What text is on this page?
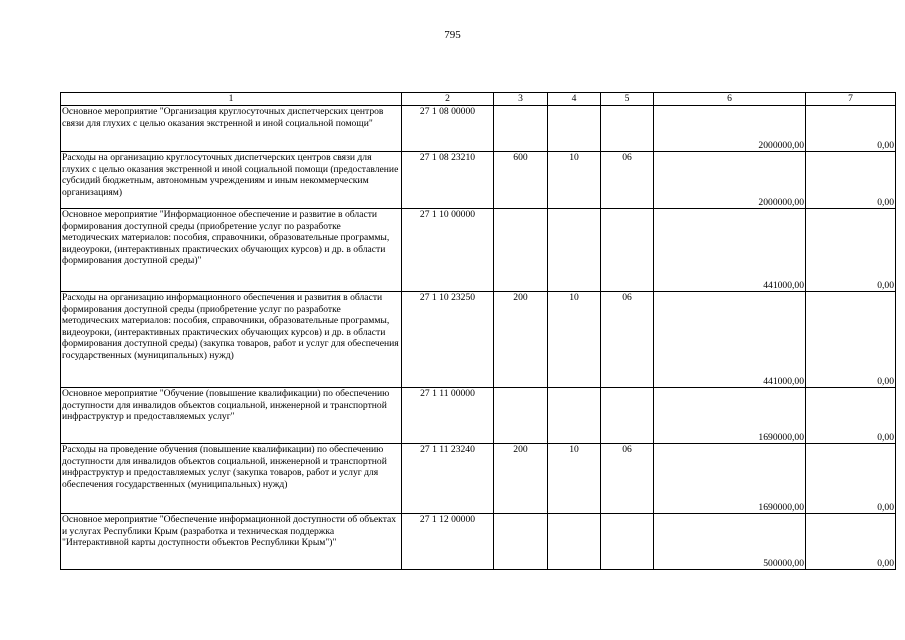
795
1	2	3	4	5	6	7
Основное мероприятие "Организация круглосуточных диспетчерских центров связи для глухих с целью оказания экстренной и иной социальной помощи"	27 1 08 00000				2000000,00	0,00
Расходы на организацию круглосуточных диспетчерских центров связи для глухих с целью оказания экстренной и иной социальной помощи (предоставление субсидий бюджетным, автономным учреждениям и иным некоммерческим организациям)	27 1 08 23210	600	10	06	2000000,00	0,00
Основное мероприятие "Информационное обеспечение и развитие в области формирования доступной среды (приобретение услуг по разработке методических материалов: пособия, справочники, образовательные программы, видеоуроки, (интерактивных практических обучающих курсов) и др. в области формирования доступной среды)"	27 1 10 00000				441000,00	0,00
Расходы на организацию информационного обеспечения и развития в области формирования доступной среды (приобретение услуг по разработке методических материалов: пособия, справочники, образовательные программы, видеоуроки, (интерактивных практических обучающих курсов) и др. в области формирования доступной среды) (закупка товаров, работ и услуг для обеспечения государственных (муниципальных) нужд)	27 1 10 23250	200	10	06	441000,00	0,00
Основное мероприятие "Обучение (повышение квалификации) по обеспечению доступности для инвалидов объектов социальной, инженерной и транспортной инфраструктур и предоставляемых услуг"	27 1 11 00000				1690000,00	0,00
Расходы на проведение обучения (повышение квалификации) по обеспечению доступности для инвалидов объектов социальной, инженерной и транспортной инфраструктур и предоставляемых услуг (закупка товаров, работ и услуг для обеспечения государственных (муниципальных) нужд)	27 1 11 23240	200	10	06	1690000,00	0,00
Основное мероприятие "Обеспечение информационной доступности об объектах и услугах Республики Крым (разработка и техническая поддержка "Интерактивной карты доступности объектов Республики Крым")"	27 1 12 00000				500000,00	0,00
